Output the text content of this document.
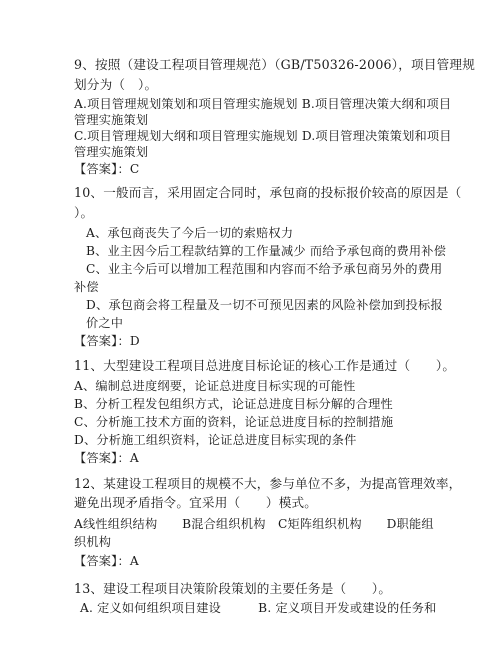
9、按照（建设工程项目管理规范）（GB/T50326-2006），项目管理规
划分为（　）。
A.项目管理规划策划和项目管理实施规划 B.项目管理决策大纲和项目
管理实施策划
C.项目管理规划大纲和项目管理实施规划 D.项目管理决策策划和项目
管理实施策划
【答案】：C
10、一般而言，采用固定合同时，承包商的投标报价较高的原因是（
）。
A、承包商丧失了今后一切的索赔权力
B、业主因今后工程款结算的工作量减少 而给予承包商的费用补偿
C、业主今后可以增加工程范围和内容而不给予承包商另外的费用
补偿
D、承包商会将工程量及一切不可预见因素的风险补偿加到投标报
价之中
【答案】：D
11、大型建设工程项目总进度目标论证的核心工作是通过（　　）。
A、编制总进度纲要，论证总进度目标实现的可能性
B、分析工程发包组织方式，论证总进度目标分解的合理性
C、分析施工技术方面的资料，论证总进度目标的控制措施
D、分析施工组织资料，论证总进度目标实现的条件
【答案】：A
12、某建设工程项目的规模不大，参与单位不多，为提高管理效率，
避免出现矛盾指令。宜采用（　　）模式。
A线性组织结构　　B混合组织机构　C矩阵组织机构　　D职能组
织机构
【答案】：A
13、建设工程项目决策阶段策划的主要任务是（　　）。
A. 定义如何组织项目建设　　　B. 定义项目开发或建设的任务和
